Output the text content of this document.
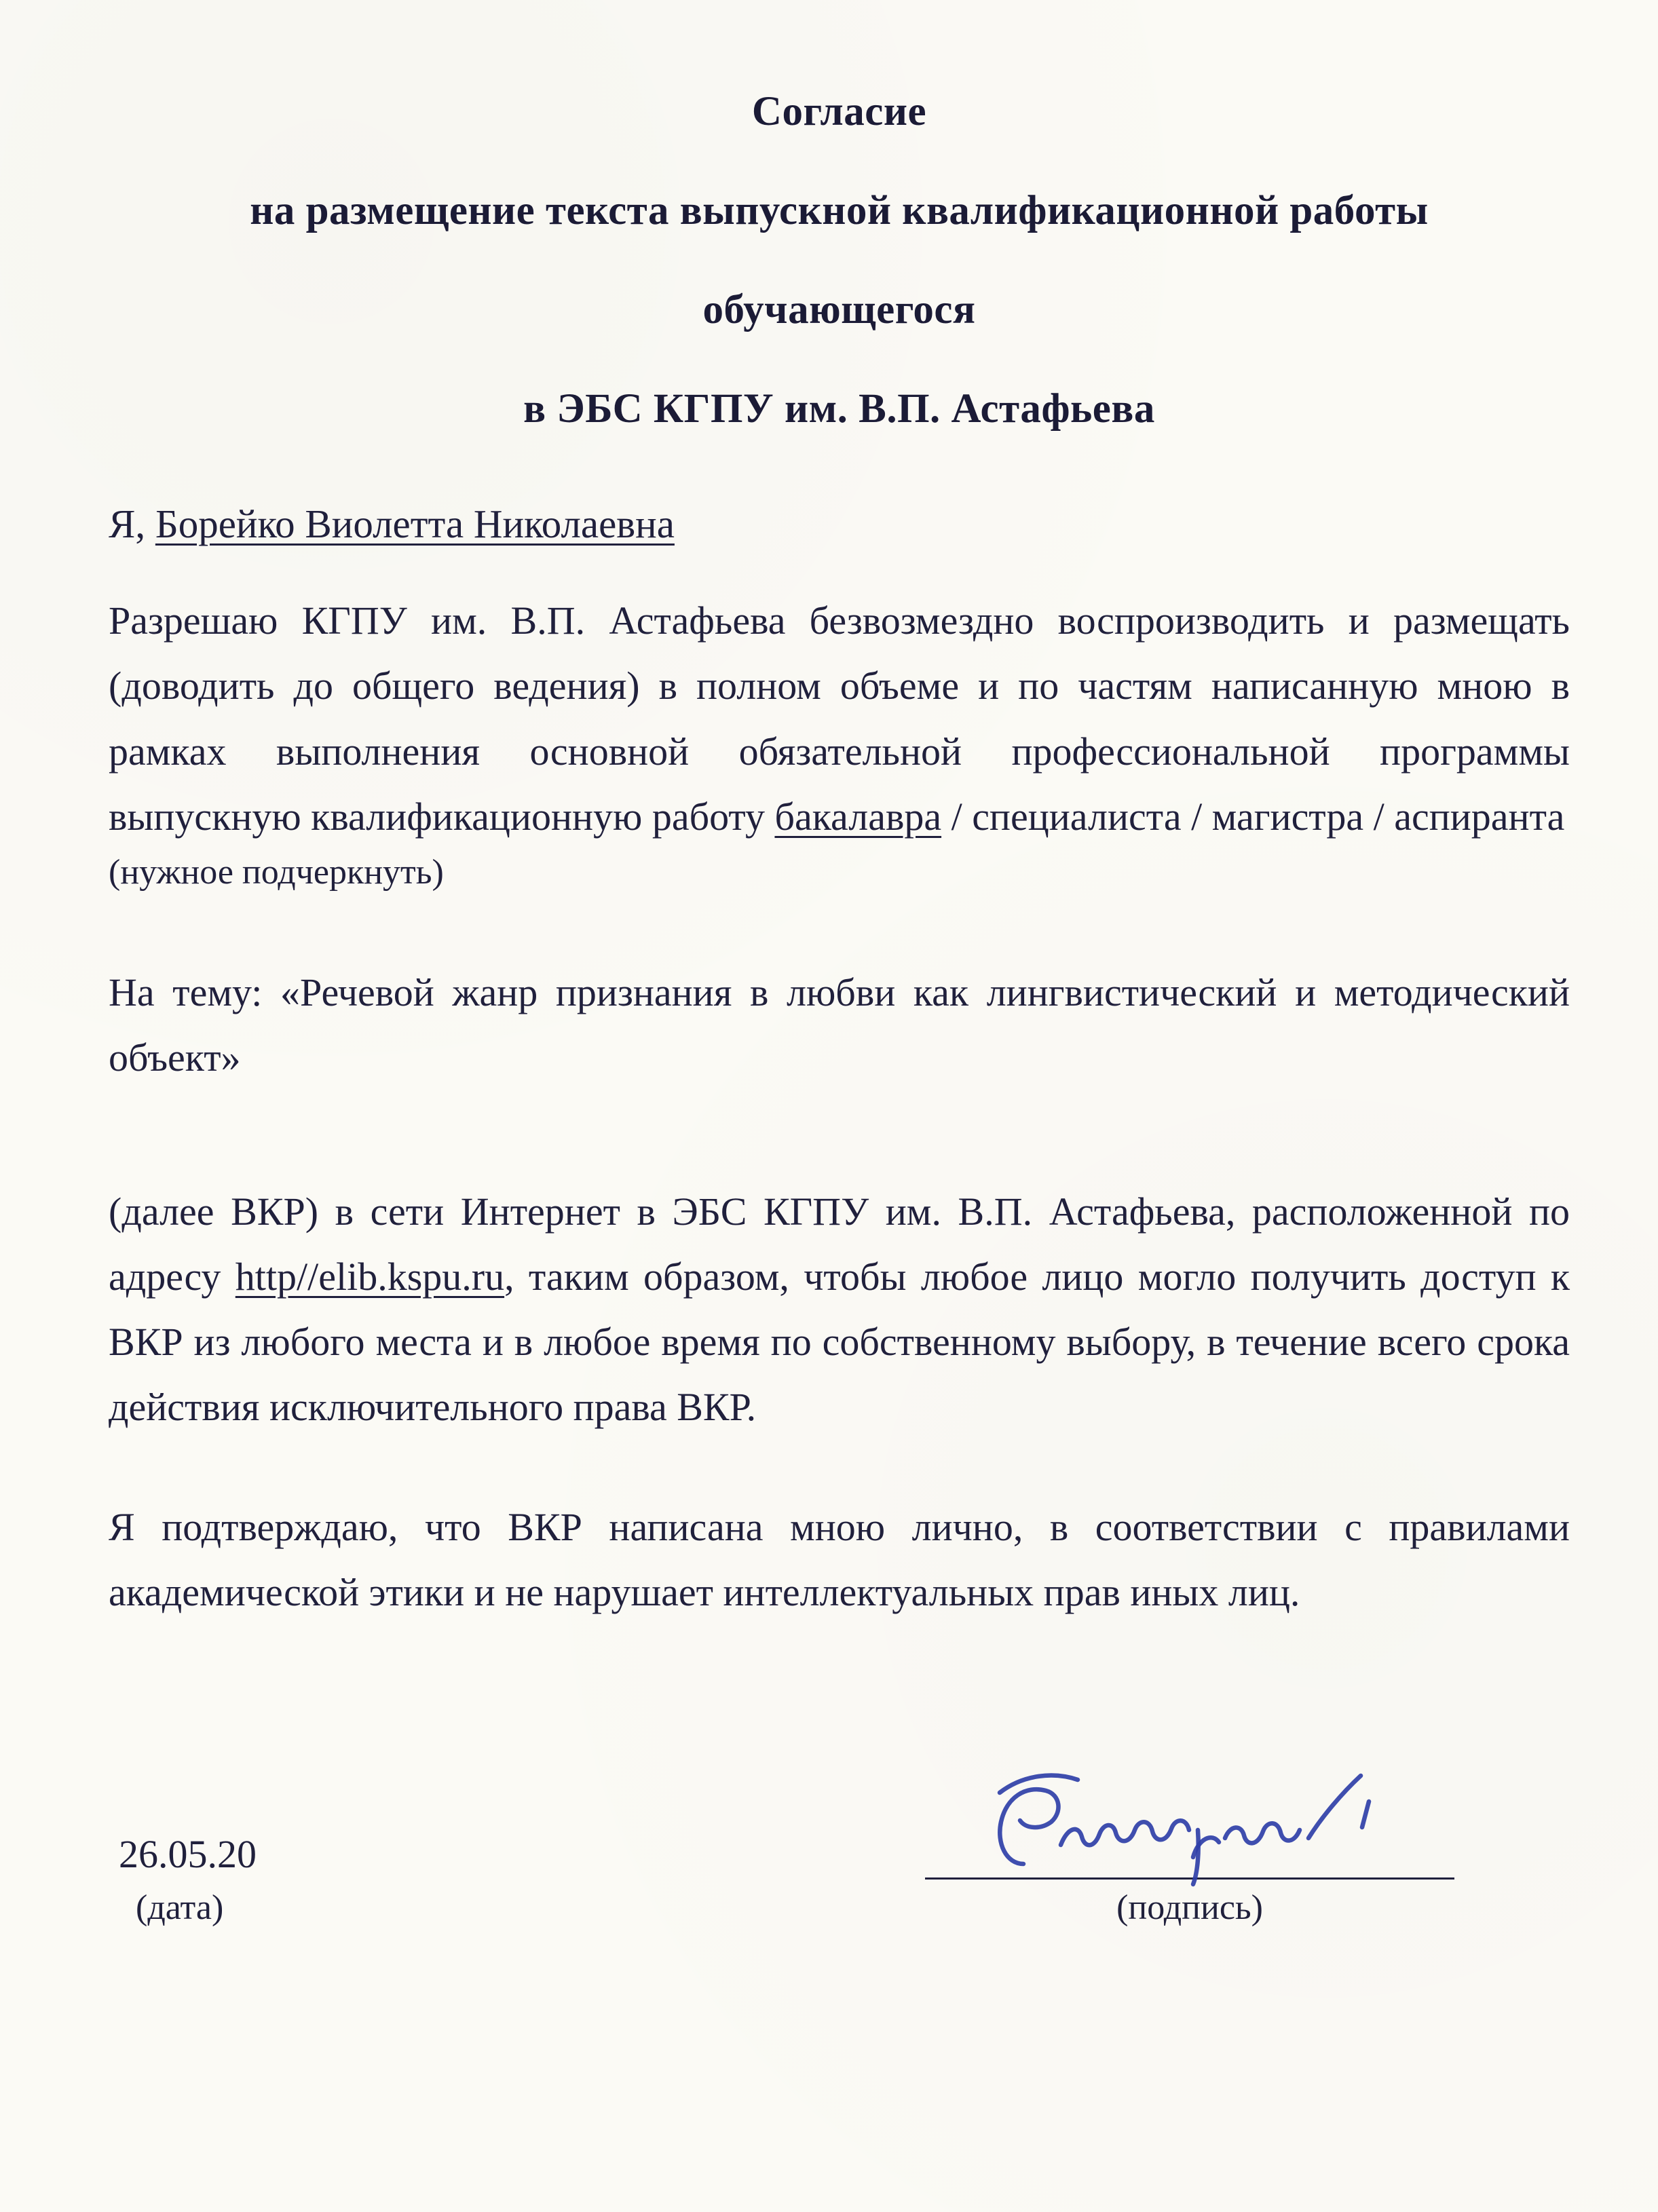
Согласие
на размещение текста выпускной квалификационной работы
обучающегося
в ЭБС КГПУ им. В.П. Астафьева
Я, Борейко Виолетта Николаевна
Разрешаю КГПУ им. В.П. Астафьева безвозмездно воспроизводить и размещать (доводить до общего ведения) в полном объеме и по частям написанную мною в рамках выполнения основной обязательной профессиональной программы выпускную квалификационную работу бакалавра / специалиста / магистра / аспиранта
(нужное подчеркнуть)
На тему: «Речевой жанр признания в любви как лингвистический и методический объект»
(далее ВКР) в сети Интернет в ЭБС КГПУ им. В.П. Астафьева, расположенной по адресу http//elib.kspu.ru, таким образом, чтобы любое лицо могло получить доступ к ВКР из любого места и в любое время по собственному выбору, в течение всего срока действия исключительного права ВКР.
Я подтверждаю, что ВКР написана мною лично, в соответствии с правилами академической этики и не нарушает интеллектуальных прав иных лиц.
26.05.20
(дата)	(подпись)
